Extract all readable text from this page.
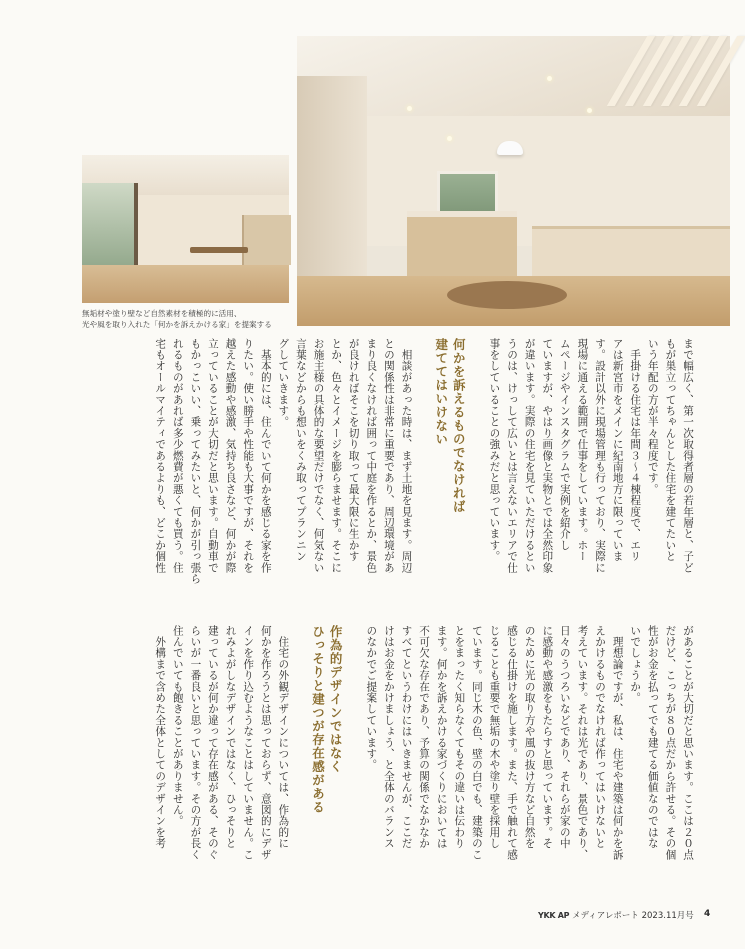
無垢材や塗り壁など自然素材を積極的に活用、
光や風を取り入れた「何かを訴えかける家」を提案する
まで幅広く、第一次取得者層の若年層と、子ど
もが巣立ってちゃんとした住宅を建てたいと
いう年配の方が半々程度です。
　手掛ける住宅は年間３～４棟程度で、エリ
アは新宮市をメインに紀南地方に限っていま
す。設計以外に現場管理も行っており、実際に
現場に通える範囲で仕事をしています。ホー
ムページやインスタグラムで実例を紹介し
ていますが、やはり画像と実物とでは全然印象
が違います。実際の住宅を見ていただけるとい
うのは、けっして広いとは言えないエリアで仕
事をしていることの強みだと思っています。

何かを訴えるものでなければ
建ててはいけない

　相談があった時は、まず土地を見ます。周辺
との関係性は非常に重要であり、周辺環境があ
まり良くなければ囲って中庭を作るとか、景色
が良ければそこを切り取って最大限に生かす
とか、色々とイメージを膨らませます。そこに
お施主様の具体的な要望だけでなく、何気ない
言葉などからも想いをくみ取ってプランニン
グしていきます。
　基本的には、住んでいて何かを感じる家を作
りたい。使い勝手や性能も大事ですが、それを
越えた感動や感激、気持ち良さなど、何かが際
立っていることが大切だと思います。自動車で
もかっこいい、乗ってみたいと、何かが引っ張ら
れるものがあれば多少燃費が悪くても買う。住
宅もオールマイティであるよりも、どこか個性
があることが大切だと思います。ここは２０点
だけど、こっちが８０点だから許せる。その個
性がお金を払ってでも建てる価値なのではな
いでしょうか。
　理想論ですが、私は、住宅や建築は何かを訴
えかけるものでなければ作ってはいけないと
考えています。それは光であり、景色であり、
日々のうつろいなどであり、それらが家の中
に感動や感激をもたらすと思っています。そ
のために光の取り方や風の抜け方など自然を
感じる仕掛けを施します。また、手で触れて感
じることも重要で無垢の木や塗り壁を採用し
ています。同じ木の色、壁の白でも、建築のこ
とをまったく知らなくてもその違いは伝わり
ます。何かを訴えかける家づくりにおいては
不可欠な存在であり、予算の関係でなかなか
すべてというわけにはいきませんが、ここだ
けはお金をかけましょう、と全体のバランス
のなかでご提案しています。

作為的デザインではなく
ひっそりと建つが存在感がある

　住宅の外観デザインについては、作為的に
何かを作ろうとは思っておらず、意図的にデザ
インを作り込むようなことはしていません。こ
れみよがしなデザインではなく、ひっそりと
建っているが何か違って存在感がある、そのぐ
らいが一番良いと思っています。その方が長く
住んでいても飽きることがありません。
　外構まで含めた全体としてのデザインを考
YKK AP メディアレポート 2023.11月号	4
